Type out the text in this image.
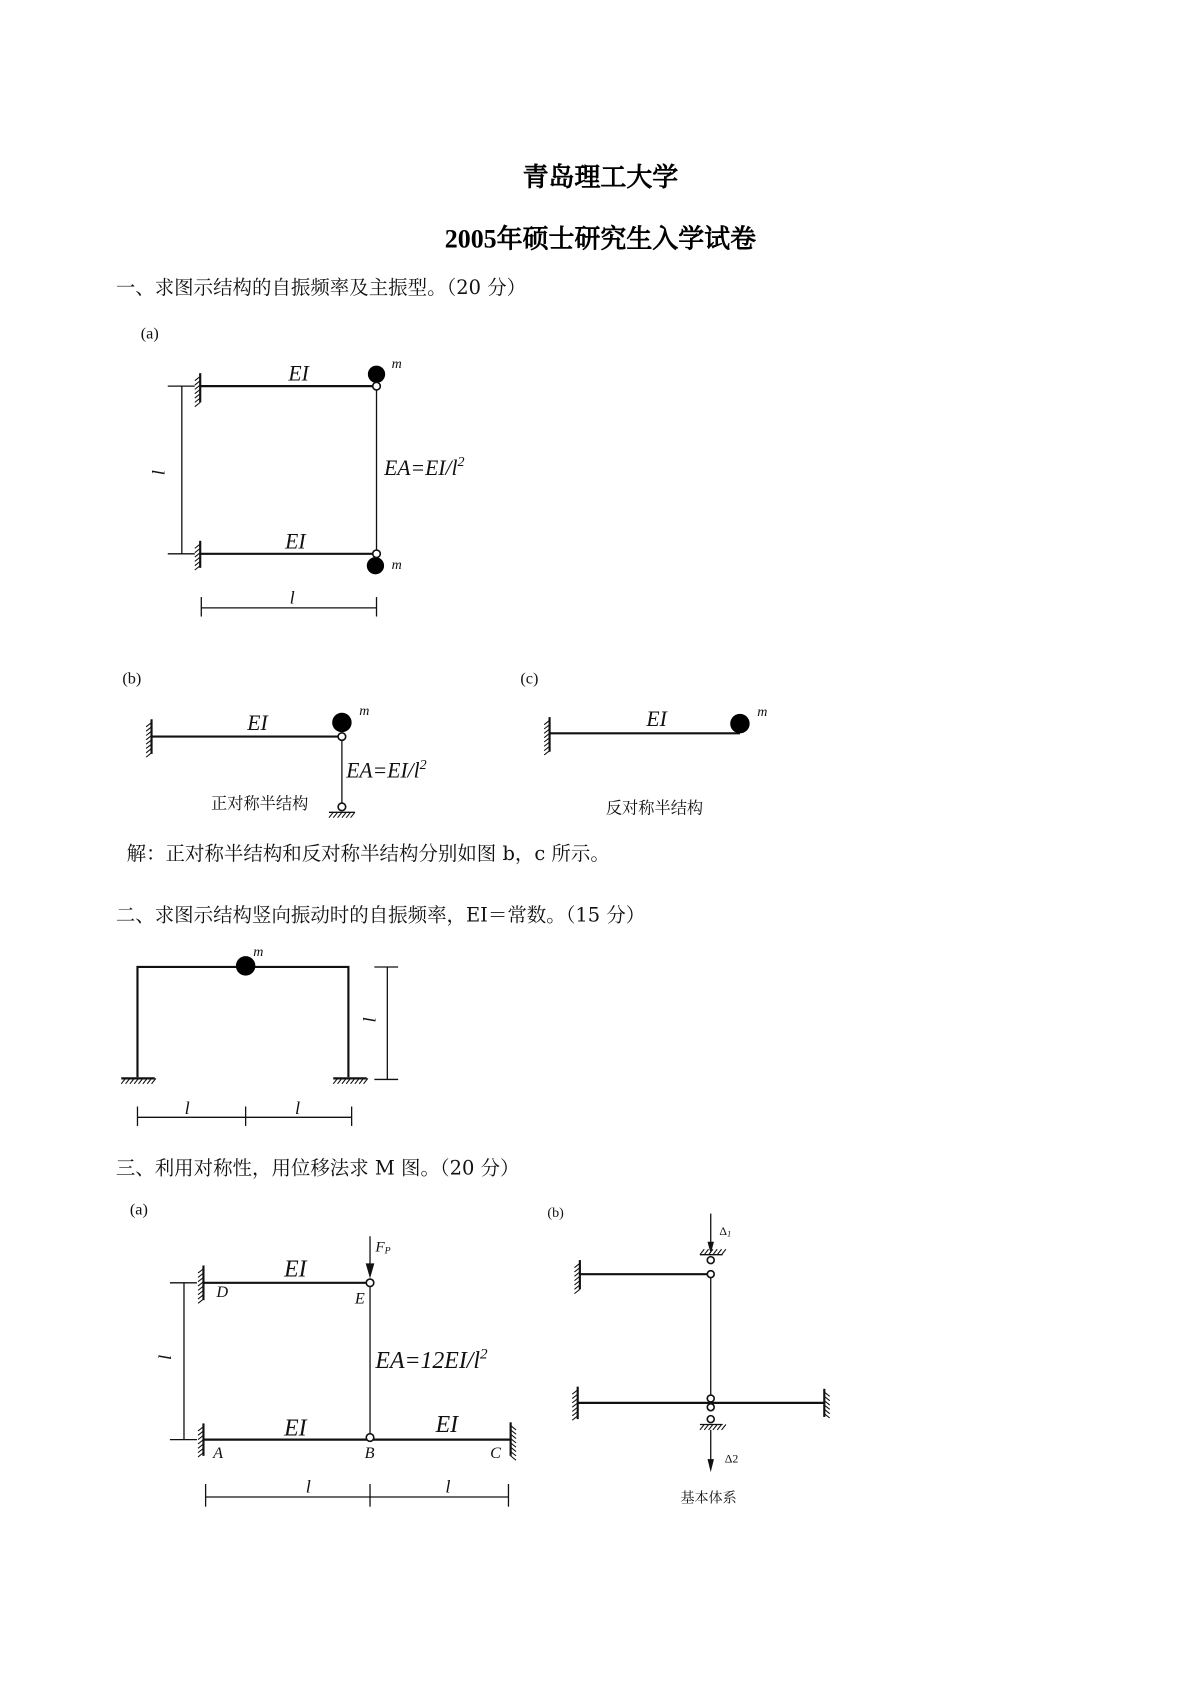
青岛理工大学
2005年硕士研究生入学试卷
一、求图示结构的自振频率及主振型。（20 分）
(a)
EI
EI
$EA=EI/l^2$
m
m
l
l
(b)
EI
$EA=EI/l^2$
m
正对称半结构
(c)
EI	m
反对称半结构
解：正对称半结构和反对称半结构分别如图 b，c 所示。
二、求图示结构竖向振动时的自振频率，EI＝常数。（15 分）
m
l
l	l
三、利用对称性，用位移法求 M 图。（20 分）
(a)
FP
EI
EI	EI
$EA=12EI/l^2$
D	E
A	B	C
l
l	l
(b)
Δ1
Δ2
基本体系
